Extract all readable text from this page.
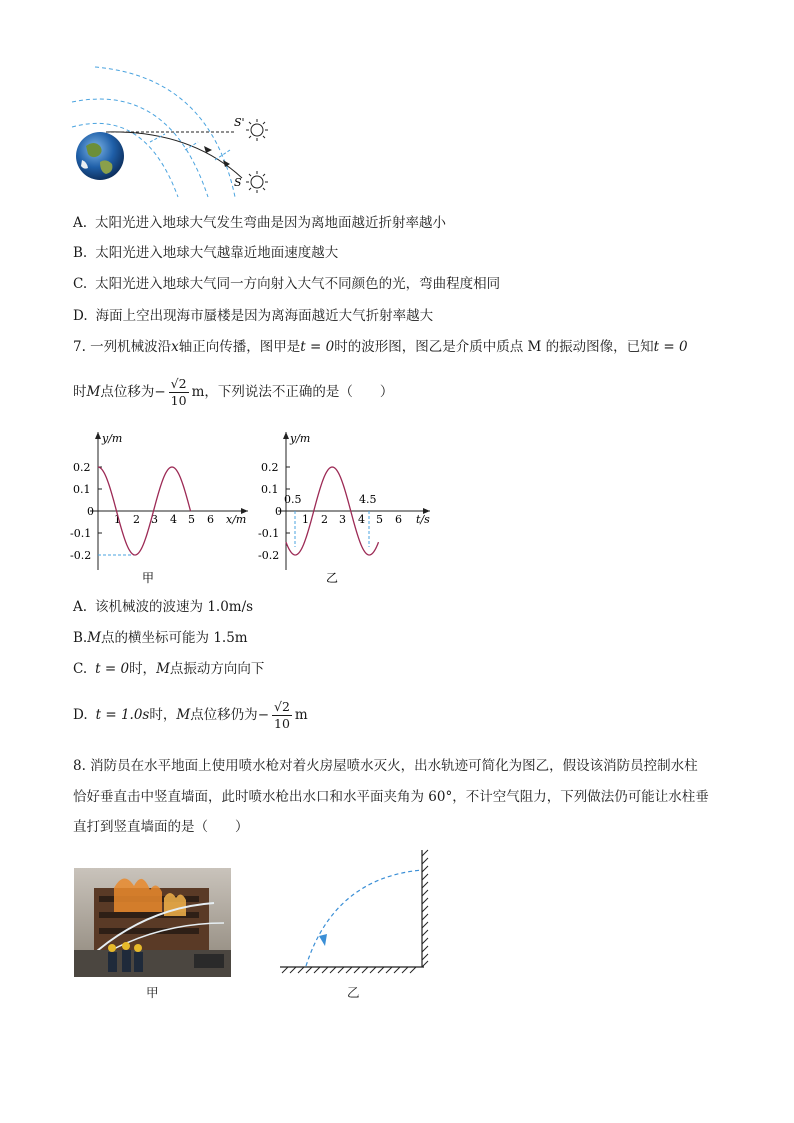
S'
S
A. 太阳光进入地球大气发生弯曲是因为离地面越近折射率越小
B. 太阳光进入地球大气越靠近地面速度越大
C. 太阳光进入地球大气同一方向射入大气不同颜色的光，弯曲程度相同
D. 海面上空出现海市蜃楼是因为离海面越近大气折射率越大
7. 一列机械波沿x轴正向传播，图甲是t = 0时的波形图，图乙是介质中质点 M 的振动图像，已知t = 0
时M点位移为− $\frac{√2}{10}$ m，下列说法不正确的是（　　）
y/m
x/m
0.2
0.1
0
-0.1
-0.2
1 2 3 4 5 6
甲
y/m
t/s
0.2
0.1
0
-0.1
-0.2
1 2 3 4 5 6
0.5	4.5
乙
A. 该机械波的波速为 1.0m/s
B.M点的横坐标可能为 1.5m
C. t = 0时，M点振动方向向下
D. t = 1.0s时，M点位移仍为− $\frac{√2}{10}$ m
8. 消防员在水平地面上使用喷水枪对着火房屋喷水灭火，出水轨迹可简化为图乙，假设该消防员控制水柱
恰好垂直击中竖直墙面，此时喷水枪出水口和水平面夹角为 60°，不计空气阻力，下列做法仍可能让水柱垂
直打到竖直墙面的是（　　）
甲	乙
